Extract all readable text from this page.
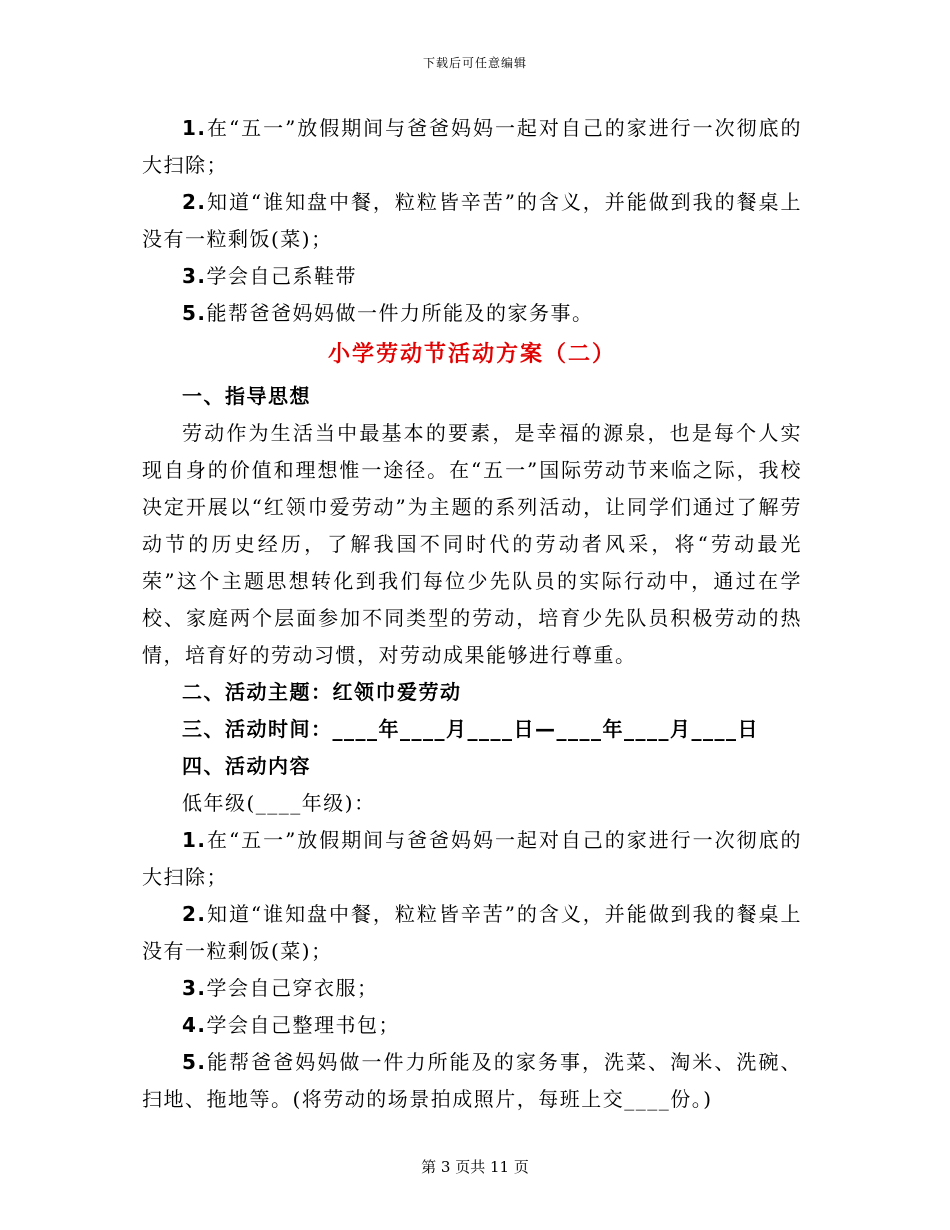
下载后可任意编辑

1.在“五一”放假期间与爸爸妈妈一起对自己的家进行一次彻底的大扫除；

2.知道“谁知盘中餐，粒粒皆辛苦”的含义，并能做到我的餐桌上没有一粒剩饭(菜)；

3.学会自己系鞋带

5.能帮爸爸妈妈做一件力所能及的家务事。

小学劳动节活动方案（二）

一、指导思想

劳动作为生活当中最基本的要素，是幸福的源泉，也是每个人实现自身的价值和理想惟一途径。在“五一”国际劳动节来临之际，我校决定开展以“红领巾爱劳动”为主题的系列活动，让同学们通过了解劳动节的历史经历，了解我国不同时代的劳动者风采，将“劳动最光荣”这个主题思想转化到我们每位少先队员的实际行动中，通过在学校、家庭两个层面参加不同类型的劳动，培育少先队员积极劳动的热情，培育好的劳动习惯，对劳动成果能够进行尊重。

二、活动主题：红领巾爱劳动

三、活动时间：____年____月____日—____年____月____日

四、活动内容

低年级(____年级)：

1.在“五一”放假期间与爸爸妈妈一起对自己的家进行一次彻底的大扫除；

2.知道“谁知盘中餐，粒粒皆辛苦”的含义，并能做到我的餐桌上没有一粒剩饭(菜)；

3.学会自己穿衣服；

4.学会自己整理书包；

5.能帮爸爸妈妈做一件力所能及的家务事，洗菜、淘米、洗碗、扫地、拖地等。(将劳动的场景拍成照片，每班上交____份。)

第 3 页共 11 页
